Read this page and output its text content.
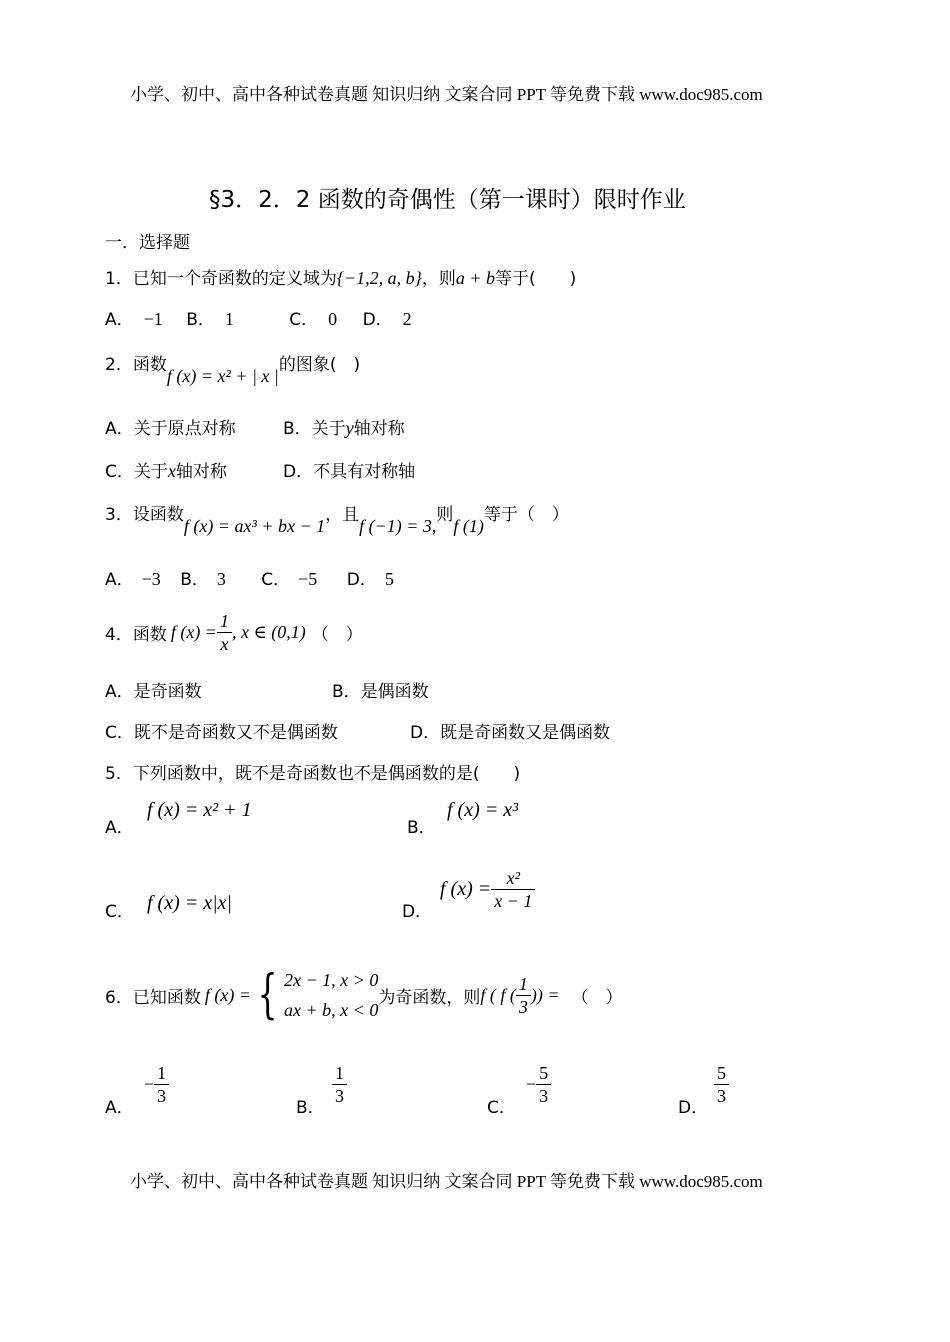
小学、初中、高中各种试卷真题 知识归纳 文案合同 PPT 等免费下载 www.doc985.com
§3．2．2 函数的奇偶性（第一课时）限时作业
一．选择题
1．已知一个奇函数的定义域为{−1,2, a, b}，则a + b等于(　　)
A． −1 B． 1	C． 0 D． 2
2．函数f (x) = x² + | x |的图象(　)
A．关于原点对称	B．关于y轴对称
C．关于x轴对称	D．不具有对称轴
3．设函数f (x) = ax³ + bx − 1，且f (−1) = 3,则f (1)等于（　）
A． −3 B． 3 C． −5 D． 5
4．函数 f $(x) = \frac{1}{x}$ , x ∈ (0,1) （　）
A．是奇函数	B．是偶函数
C．既不是奇函数又不是偶函数	D．既是奇函数又是偶函数
5．下列函数中，既不是奇函数也不是偶函数的是(　　)
A．
f (x) = x² + 1
B．
f (x) = x³
C． f (x) = x|x|	D．
f $(x) = \frac{\text{x²}}{x - 1}$
6．已知函数 f (x) = { 2x − 1, x > 0
ax + b, x < 0
为奇函数，则 f ( f ( $\frac{1}{3}$ )) = （　）
A．
− $\frac{1}{3}$
B．
$\frac{1}{3}$
C．
− $\frac{5}{3}$
D．
$\frac{5}{3}$
小学、初中、高中各种试卷真题 知识归纳 文案合同 PPT 等免费下载 www.doc985.com
